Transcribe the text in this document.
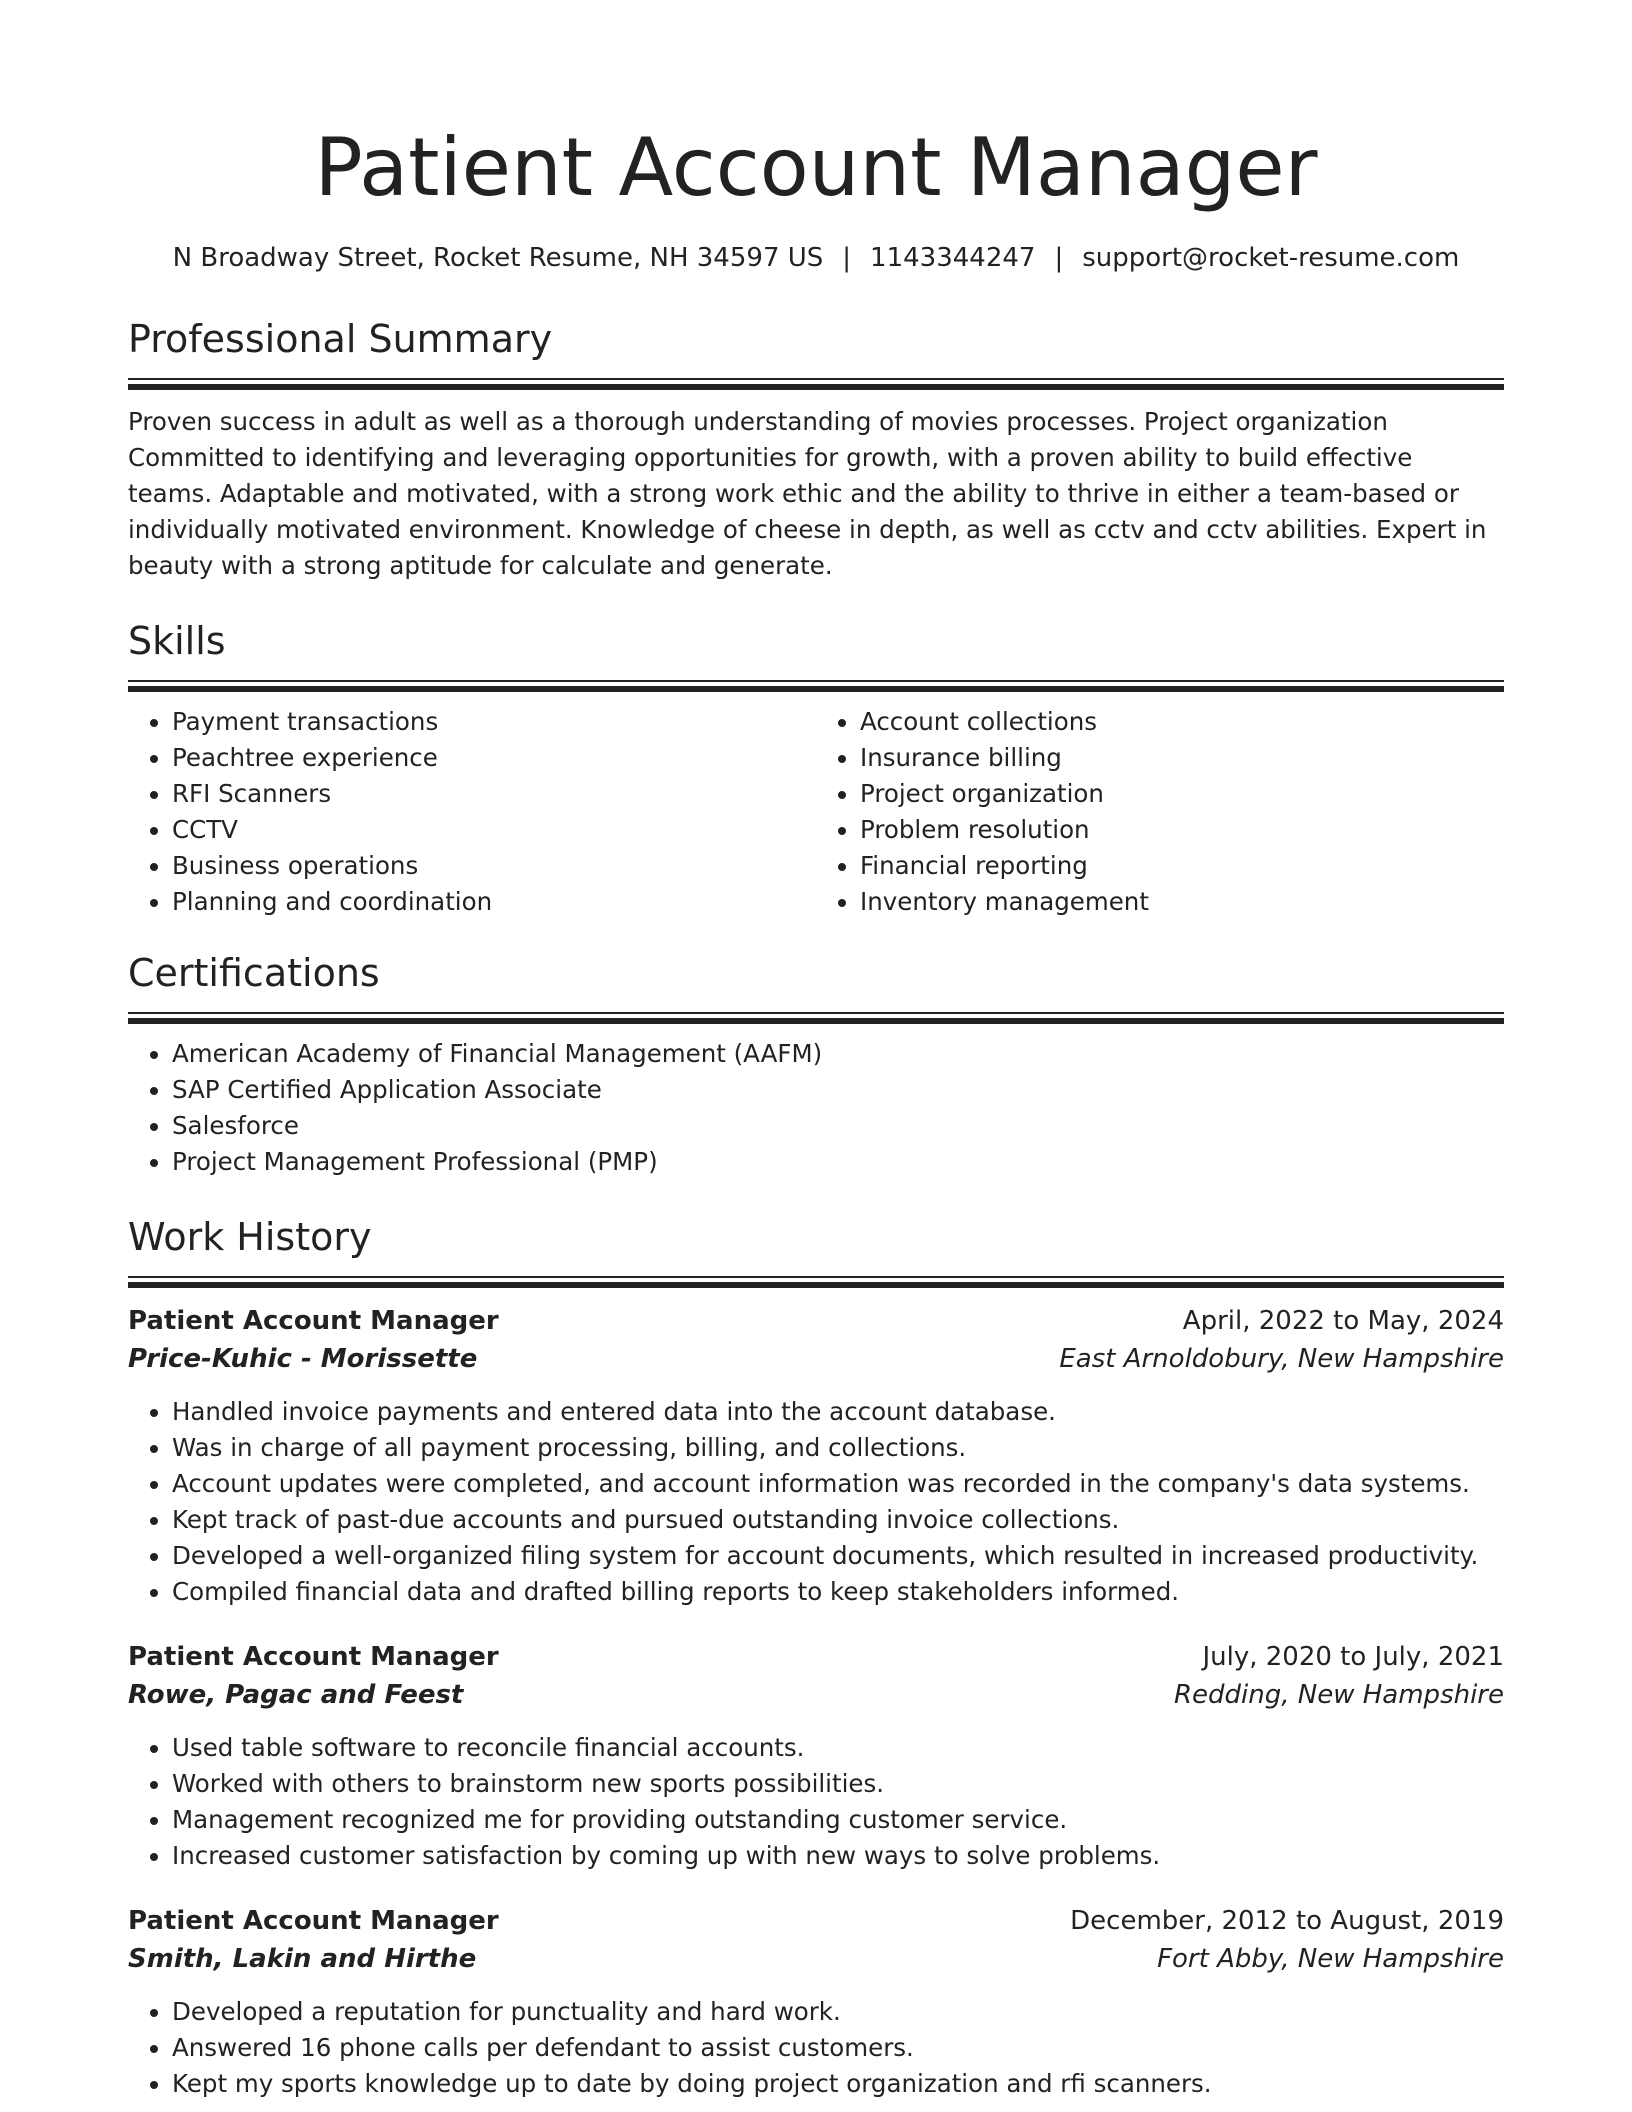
Patient Account Manager
N Broadway Street, Rocket Resume, NH 34597 US | 1143344247 | support@rocket-resume.com
Professional Summary
Proven success in adult as well as a thorough understanding of movies processes. Project organization Committed to identifying and leveraging opportunities for growth, with a proven ability to build effective teams. Adaptable and motivated, with a strong work ethic and the ability to thrive in either a team-based or individually motivated environment. Knowledge of cheese in depth, as well as cctv and cctv abilities. Expert in beauty with a strong aptitude for calculate and generate.
Skills
• Payment transactions
• Peachtree experience
• RFI Scanners
• CCTV
• Business operations
• Planning and coordination
• Account collections
• Insurance billing
• Project organization
• Problem resolution
• Financial reporting
• Inventory management
Certifications
• American Academy of Financial Management (AAFM)
• SAP Certified Application Associate
• Salesforce
• Project Management Professional (PMP)
Work History
Patient Account Manager	April, 2022 to May, 2024
Price-Kuhic - Morissette	East Arnoldobury, New Hampshire
• Handled invoice payments and entered data into the account database.
• Was in charge of all payment processing, billing, and collections.
• Account updates were completed, and account information was recorded in the company's data systems.
• Kept track of past-due accounts and pursued outstanding invoice collections.
• Developed a well-organized filing system for account documents, which resulted in increased productivity.
• Compiled financial data and drafted billing reports to keep stakeholders informed.
Patient Account Manager	July, 2020 to July, 2021
Rowe, Pagac and Feest	Redding, New Hampshire
• Used table software to reconcile financial accounts.
• Worked with others to brainstorm new sports possibilities.
• Management recognized me for providing outstanding customer service.
• Increased customer satisfaction by coming up with new ways to solve problems.
Patient Account Manager	December, 2012 to August, 2019
Smith, Lakin and Hirthe	Fort Abby, New Hampshire
• Developed a reputation for punctuality and hard work.
• Answered 16 phone calls per defendant to assist customers.
• Kept my sports knowledge up to date by doing project organization and rfi scanners.
